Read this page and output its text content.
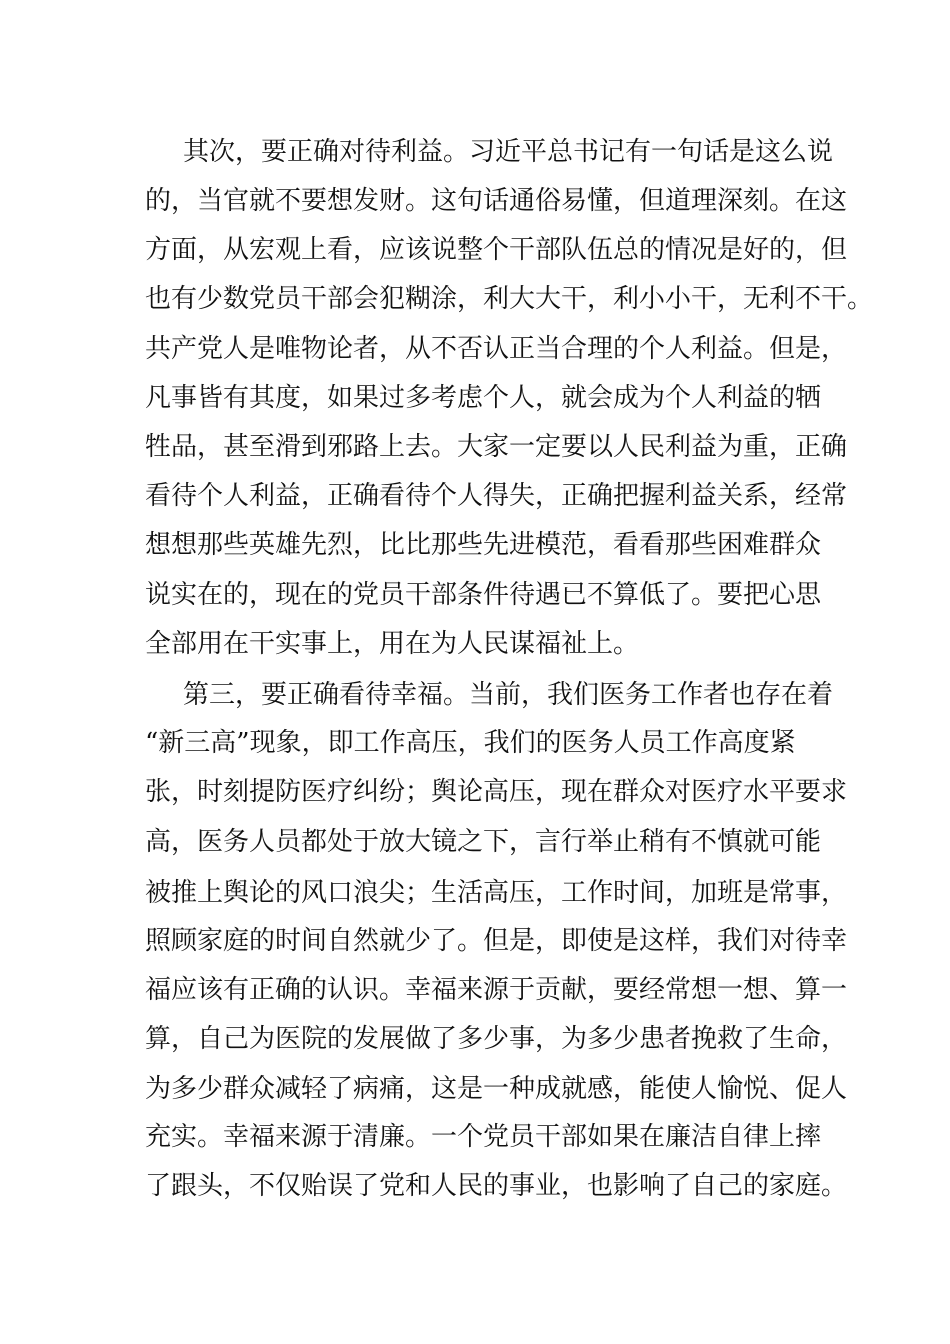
其次，要正确对待利益。习近平总书记有一句话是这么说
的，当官就不要想发财。这句话通俗易懂，但道理深刻。在这
方面，从宏观上看，应该说整个干部队伍总的情况是好的，但
也有少数党员干部会犯糊涂，利大大干，利小小干，无利不干。
共产党人是唯物论者，从不否认正当合理的个人利益。但是，
凡事皆有其度，如果过多考虑个人，就会成为个人利益的牺
牲品，甚至滑到邪路上去。大家一定要以人民利益为重，正确
看待个人利益，正确看待个人得失，正确把握利益关系，经常
想想那些英雄先烈，比比那些先进模范，看看那些困难群众
说实在的，现在的党员干部条件待遇已不算低了。要把心思
全部用在干实事上，用在为人民谋福祉上。
第三，要正确看待幸福。当前，我们医务工作者也存在着
“新三高”现象，即工作高压，我们的医务人员工作高度紧
张，时刻提防医疗纠纷；舆论高压，现在群众对医疗水平要求
高，医务人员都处于放大镜之下，言行举止稍有不慎就可能
被推上舆论的风口浪尖；生活高压，工作时间，加班是常事，
照顾家庭的时间自然就少了。但是，即使是这样，我们对待幸
福应该有正确的认识。幸福来源于贡献，要经常想一想、算一
算，自己为医院的发展做了多少事，为多少患者挽救了生命，
为多少群众减轻了病痛，这是一种成就感，能使人愉悦、促人
充实。幸福来源于清廉。一个党员干部如果在廉洁自律上摔
了跟头，不仅贻误了党和人民的事业，也影响了自己的家庭。
